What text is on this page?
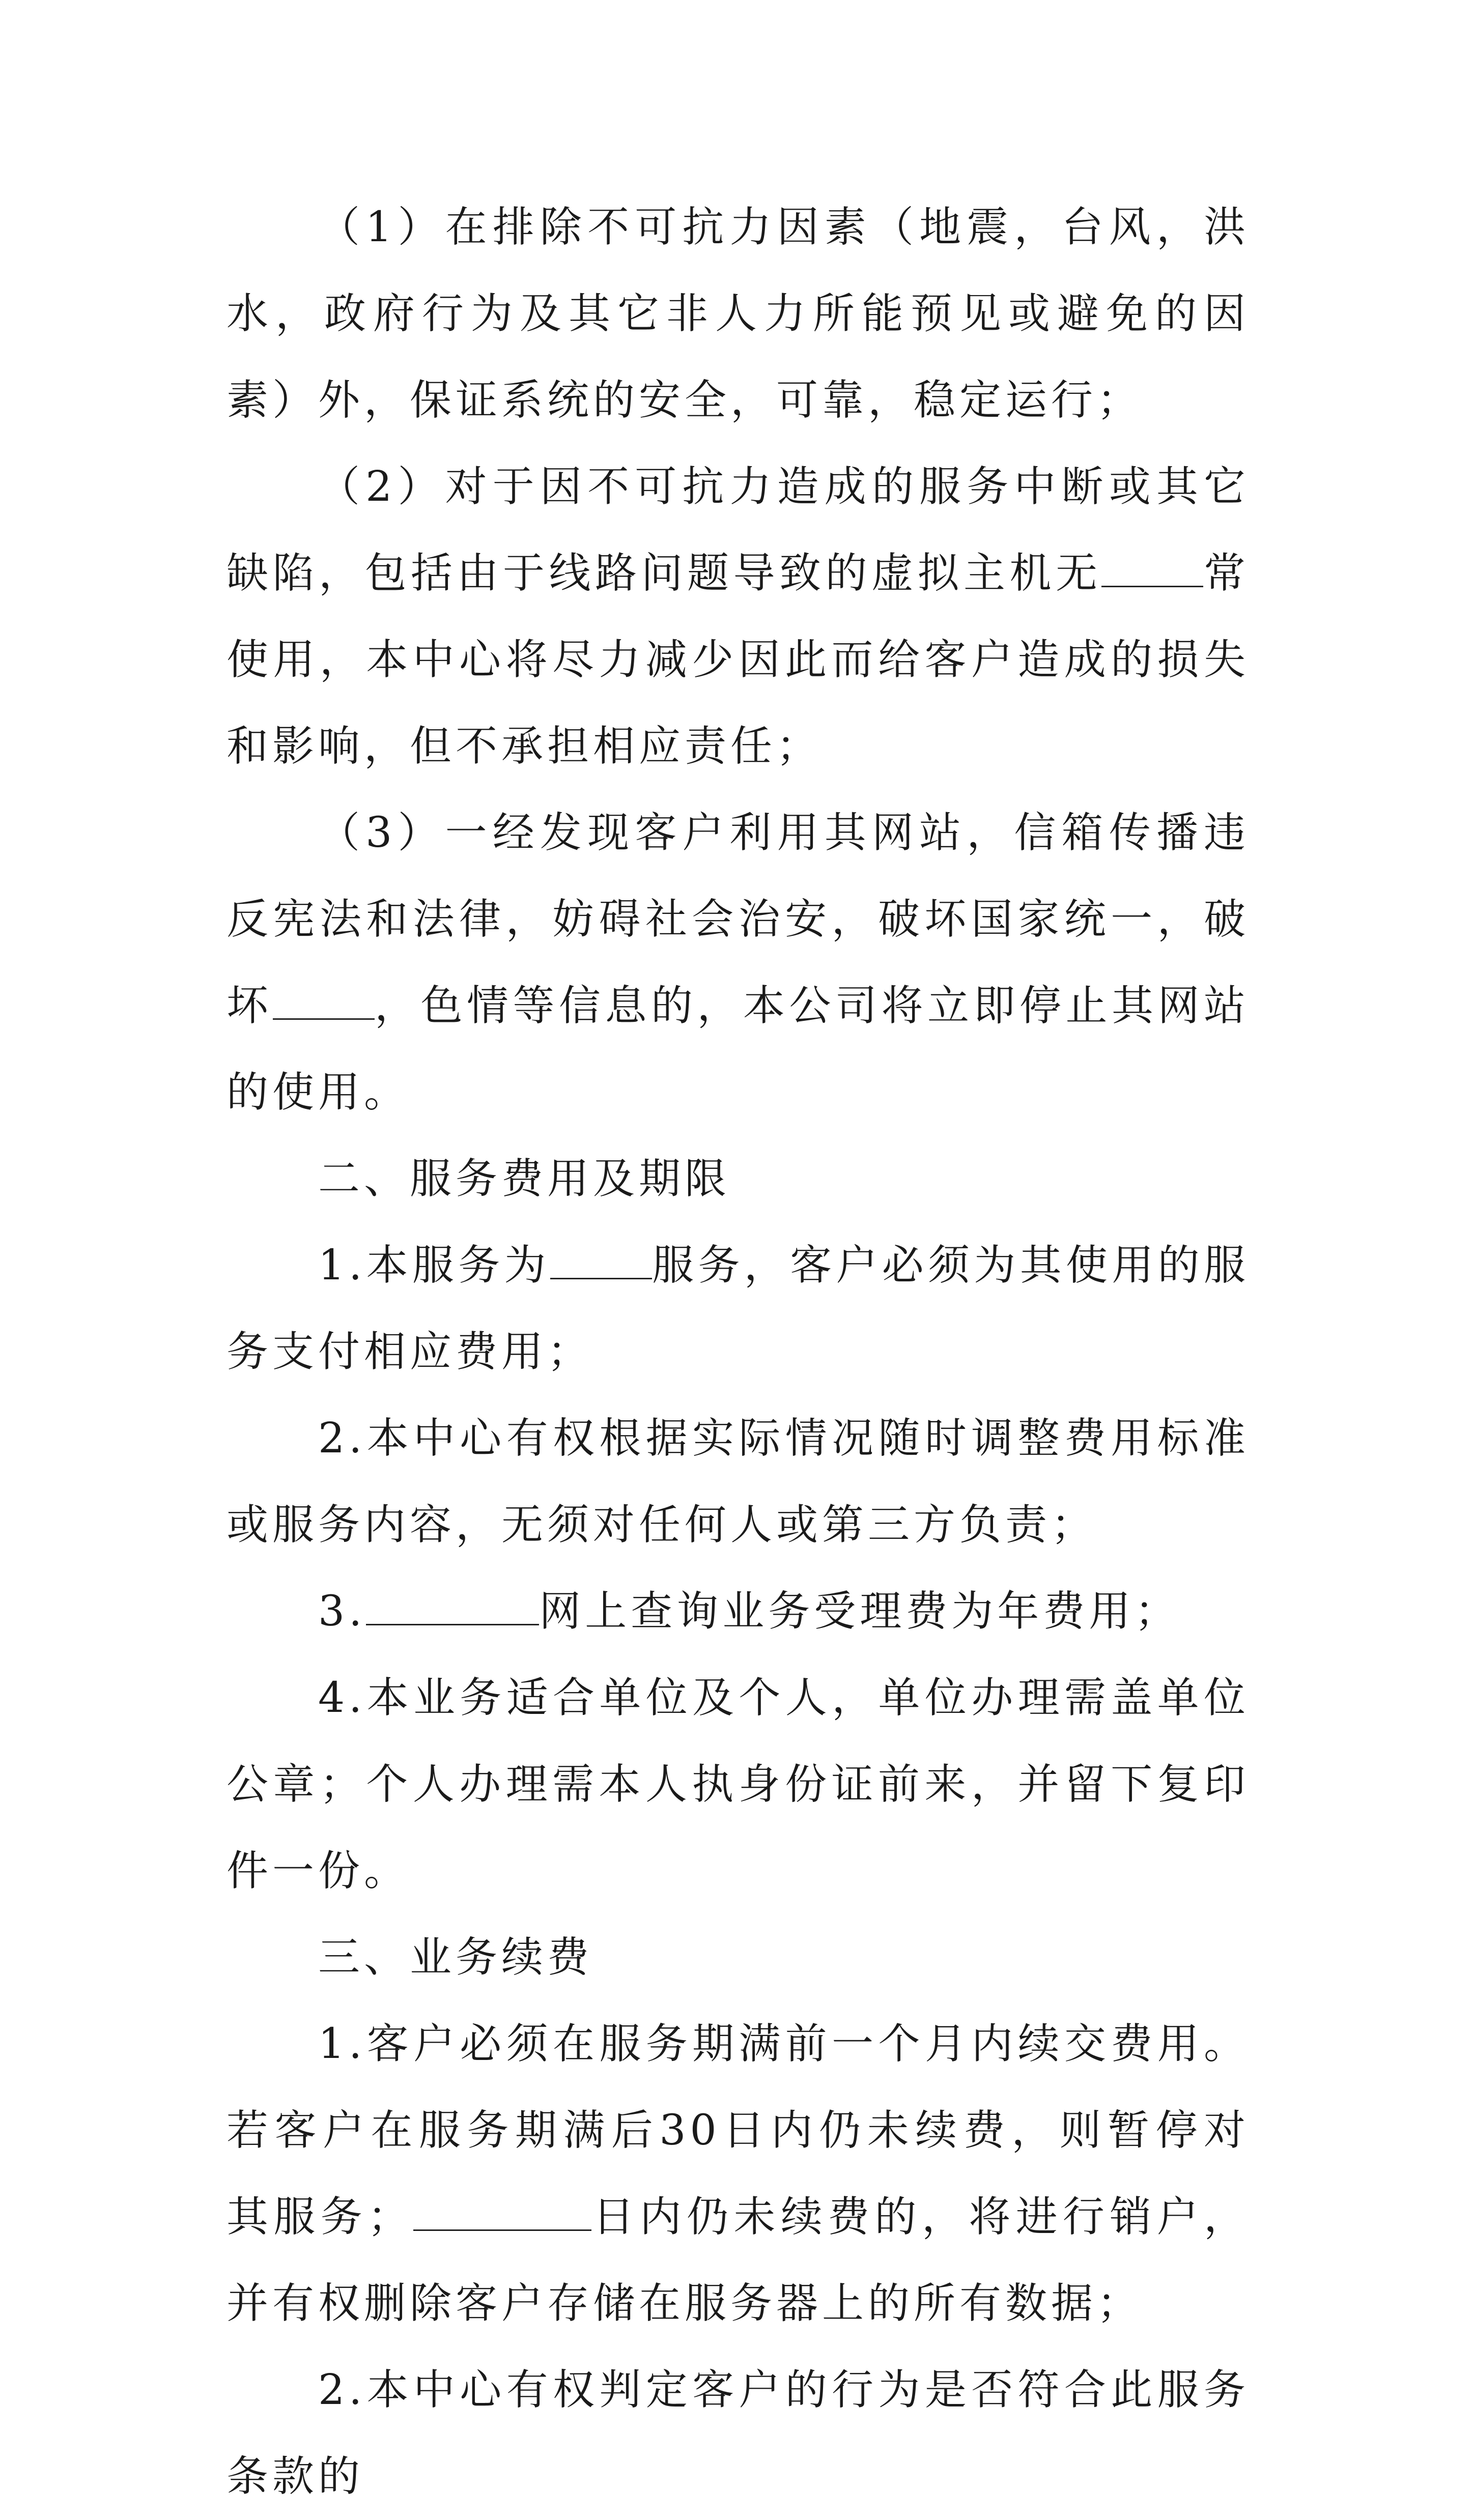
（1）在排除不可抗力因素（地震，台风，洪水，政府行为及其它非人力所能预见或避免的因素）外，保证系统的安全，可靠，稳定运行；

（2）对于因不可抗力造成的服务中断或其它缺陷，包括由于线路问题导致的虚拟主机无 常使用，本中心将尽力减少因此而给客户造成的损失和影响，但不承担相应责任；

（3）一经发现客户利用其网站，信箱传播违反宪法和法律，妨碍社会治安，破坏国家统一，破坏 ，色情等信息的，本公司将立即停止其网站的使用。

二、服务费用及期限

1.本服务为 服务，客户必须为其使用的服务支付相应费用；

2.本中心有权根据实际情况随时调整费用标准或服务内容，无须对任何人或第三方负责；

3.	网上查询业务受理费为年费用；

4.本业务适合单位及个人，单位办理需盖单位公章；个人办理需本人执身份证前来，并留下复印件一份。

三、业务续费

1.客户必须在服务期满前一个月内续交费用。若客户在服务期满后30日内仍未续费，则暂停对其服务；	日内仍未续费的，将进行销户，并有权删除客户存储在服务器上的所有数据；

2.本中心有权判定客户的行为是否符合此服务条款的
